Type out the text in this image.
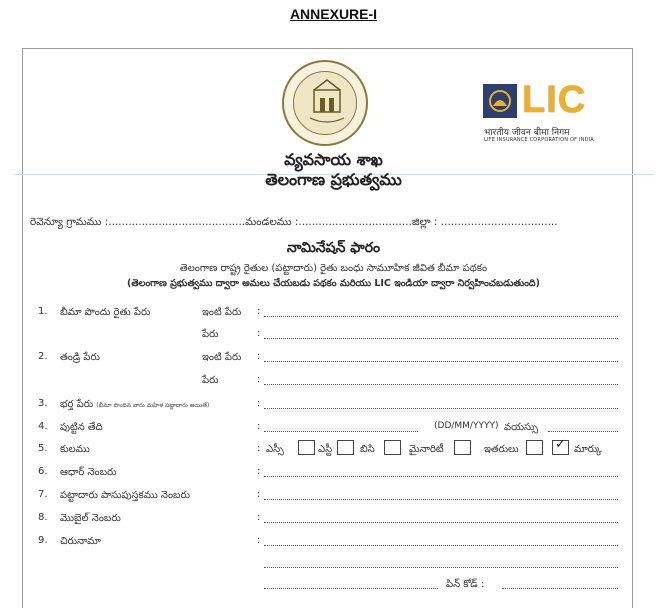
ANNEXURE-I
LIC
भारतीय जीवन बीमा निगम
LIFE INSURANCE CORPORATION OF INDIA
వ్యవసాయ శాఖ
తెలంగాణ ప్రభుత్వము
రెవెన్యూ గ్రామము :.........................................మండలము :..................................జిల్లా : ...................................
నామినేషన్ ఫారం
తెలంగాణ రాష్ట్ర రైతుల (పట్టాదారు) రైతు బంధు సామూహిక జీవిత బీమా పథకం
(తెలంగాణ ప్రభుత్వము ద్వారా అమలు చేయబడు పథకం మరియు LIC ఇండియా ద్వారా నిర్వహించబడుతుంది)
1. బీమా పొందు రైతు పేరు	ఇంటి పేరు :
పేరు	:
2. తండ్రి పేరు	ఇంటి పేరు :
పేరు	:
3. భర్త పేరు (బీమా పొందిన వారు మహిళ పట్టాదారు అయితే)	:
4. పుట్టిన తేది	:	(DD/MM/YYYY) వయస్సు
5. కులము	: ఎస్సీ	ఎస్టీ	బిసి	మైనారిటీ	ఇతరులు	✓ మార్కు
6. ఆధార్ నెంబరు	:
7. పట్టాదారు పాసుపుస్తకము నెంబరు	:
8. మొబైల్ నెంబరు	:
9. చిరునామా	:
పిన్ కోడ్ :
